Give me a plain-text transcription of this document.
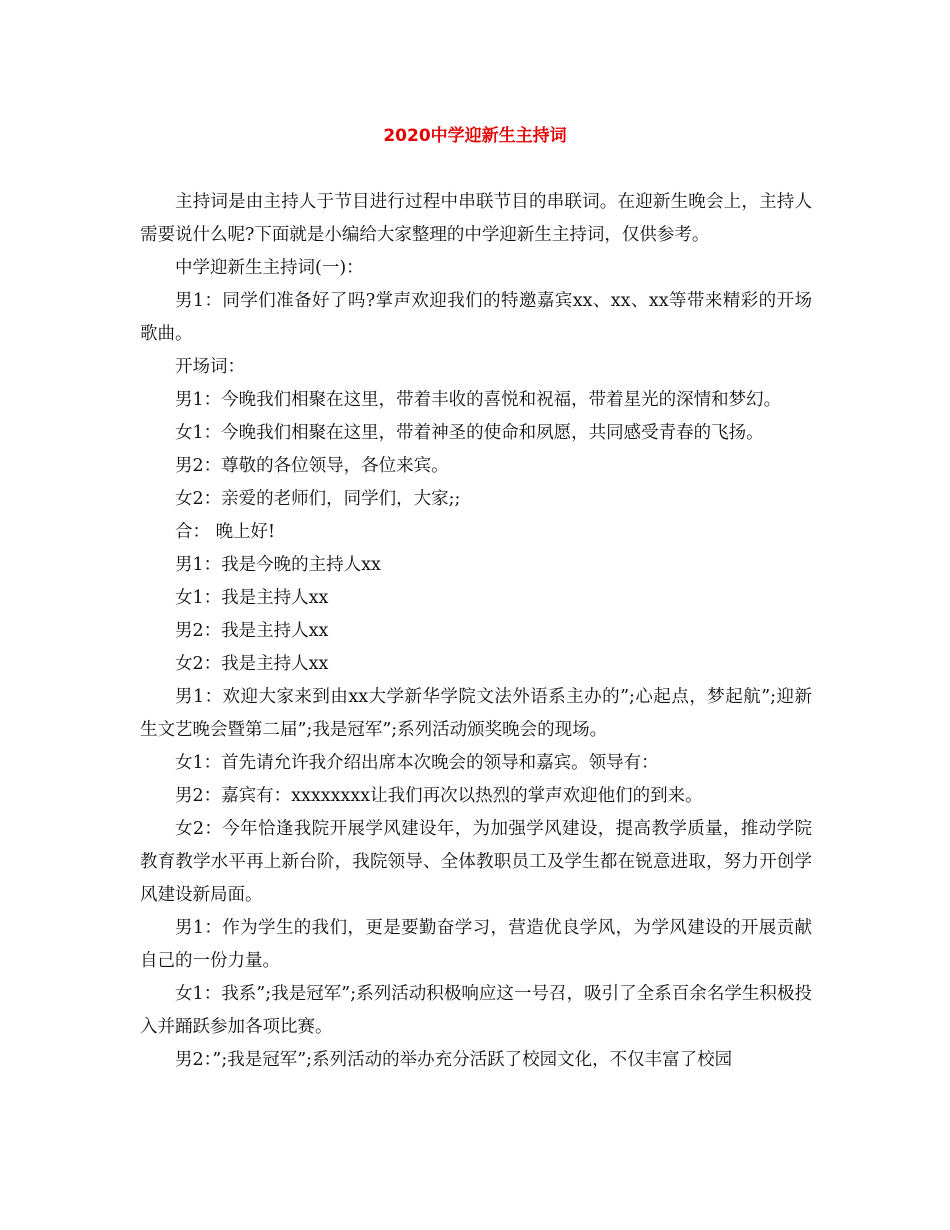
2020中学迎新生主持词

主持词是由主持人于节目进行过程中串联节目的串联词。在迎新生晚会上，主持人需要说什么呢?下面就是小编给大家整理的中学迎新生主持词，仅供参考。

中学迎新生主持词(一)：

男1：同学们准备好了吗?掌声欢迎我们的特邀嘉宾xx、xx、xx等带来精彩的开场歌曲。

开场词：

男1：今晚我们相聚在这里，带着丰收的喜悦和祝福，带着星光的深情和梦幻。

女1：今晚我们相聚在这里，带着神圣的使命和夙愿，共同感受青春的飞扬。

男2：尊敬的各位领导，各位来宾。

女2：亲爱的老师们，同学们，大家;;

合： 晚上好!

男1：我是今晚的主持人xx

女1：我是主持人xx

男2：我是主持人xx

女2：我是主持人xx

男1：欢迎大家来到由xx大学新华学院文法外语系主办的”;心起点，梦起航”;迎新生文艺晚会暨第二届”;我是冠军”;系列活动颁奖晚会的现场。

女1：首先请允许我介绍出席本次晚会的领导和嘉宾。领导有：

男2：嘉宾有：xxxxxxxx让我们再次以热烈的掌声欢迎他们的到来。

女2：今年恰逢我院开展学风建设年，为加强学风建设，提高教学质量，推动学院教育教学水平再上新台阶，我院领导、全体教职员工及学生都在锐意进取，努力开创学风建设新局面。

男1：作为学生的我们，更是要勤奋学习，营造优良学风，为学风建设的开展贡献自己的一份力量。

女1：我系”;我是冠军”;系列活动积极响应这一号召，吸引了全系百余名学生积极投入并踊跃参加各项比赛。

男2：”;我是冠军”;系列活动的举办充分活跃了校园文化，不仅丰富了校园
